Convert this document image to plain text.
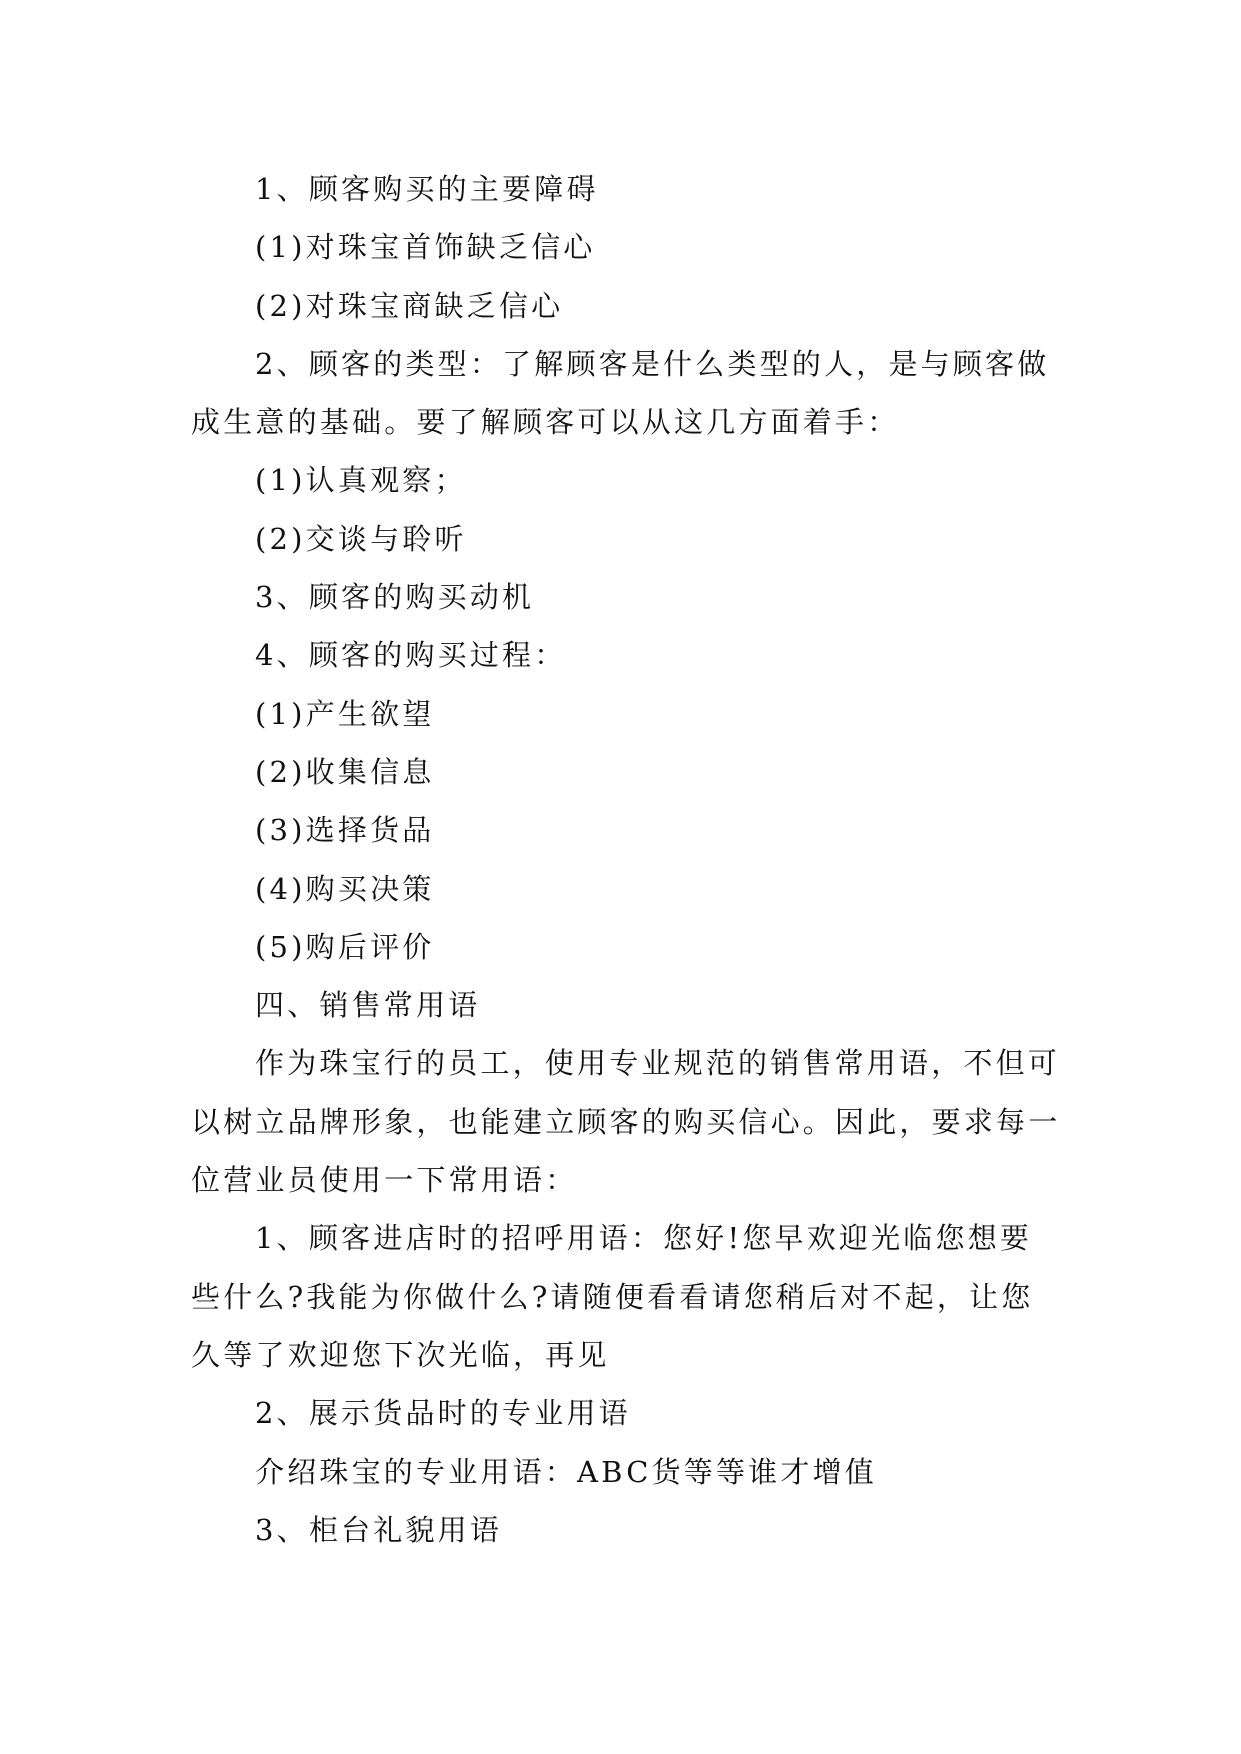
1、顾客购买的主要障碍

(1)对珠宝首饰缺乏信心

(2)对珠宝商缺乏信心

2、顾客的类型：了解顾客是什么类型的人，是与顾客做成生意的基础。要了解顾客可以从这几方面着手：

(1)认真观察；

(2)交谈与聆听

3、顾客的购买动机

4、顾客的购买过程：

(1)产生欲望

(2)收集信息

(3)选择货品

(4)购买决策

(5)购后评价

四、销售常用语

作为珠宝行的员工，使用专业规范的销售常用语，不但可以树立品牌形象，也能建立顾客的购买信心。因此，要求每一位营业员使用一下常用语：

1、顾客进店时的招呼用语：您好!您早欢迎光临您想要些什么?我能为你做什么?请随便看看请您稍后对不起，让您久等了欢迎您下次光临，再见

2、展示货品时的专业用语

介绍珠宝的专业用语：ABC货等等谁才增值

3、柜台礼貌用语
